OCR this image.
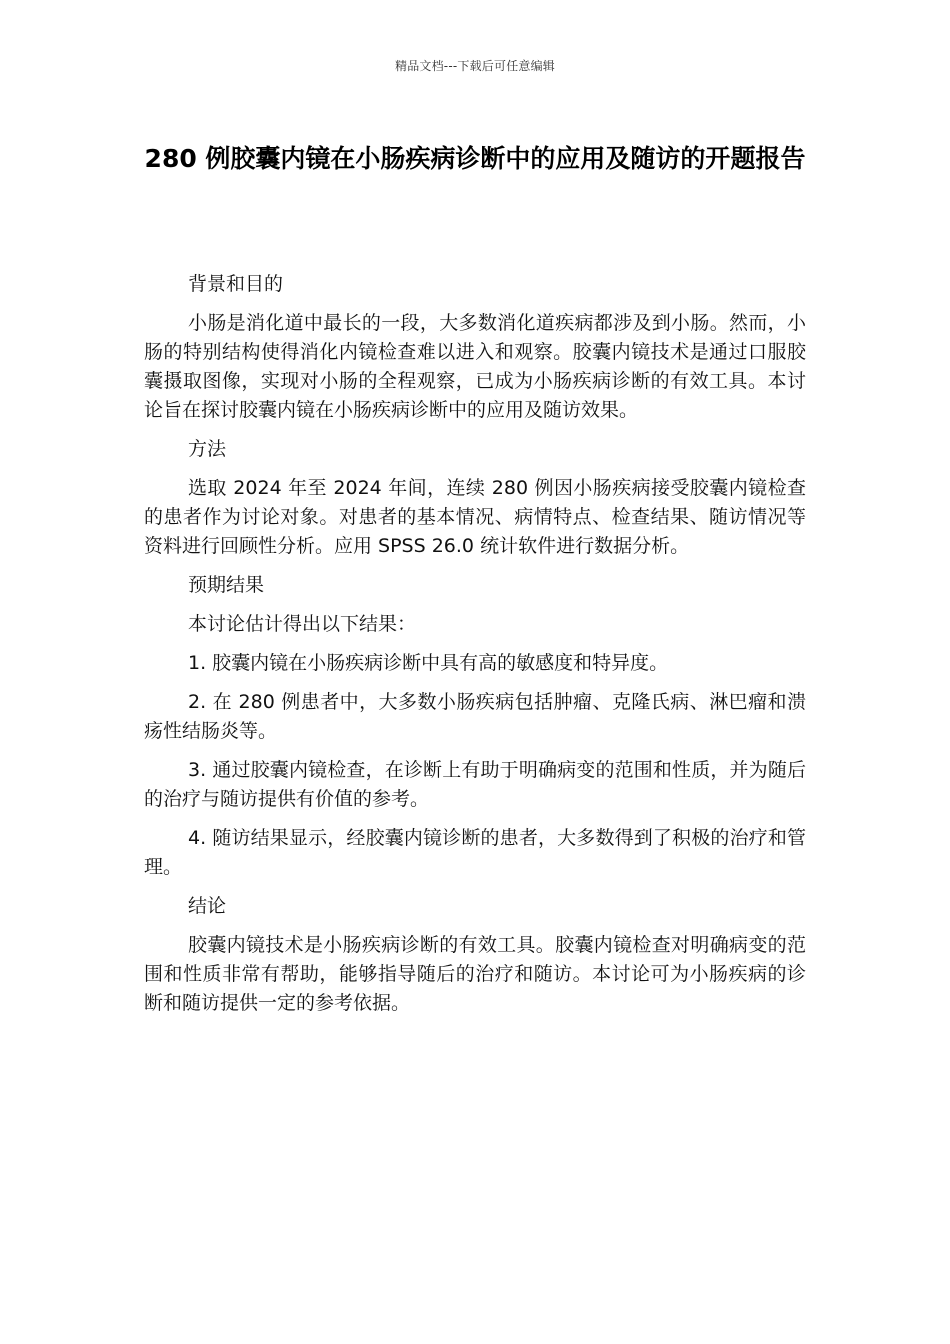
精品文档---下载后可任意编辑
280 例胶囊内镜在小肠疾病诊断中的应用及随访的开题报告

背景和目的

小肠是消化道中最长的一段，大多数消化道疾病都涉及到小肠。然而，小肠的特别结构使得消化内镜检查难以进入和观察。胶囊内镜技术是通过口服胶囊摄取图像，实现对小肠的全程观察，已成为小肠疾病诊断的有效工具。本讨论旨在探讨胶囊内镜在小肠疾病诊断中的应用及随访效果。

方法

选取 2024 年至 2024 年间，连续 280 例因小肠疾病接受胶囊内镜检查的患者作为讨论对象。对患者的基本情况、病情特点、检查结果、随访情况等资料进行回顾性分析。应用 SPSS 26.0 统计软件进行数据分析。

预期结果

本讨论估计得出以下结果：

1. 胶囊内镜在小肠疾病诊断中具有高的敏感度和特异度。

2. 在 280 例患者中，大多数小肠疾病包括肿瘤、克隆氏病、淋巴瘤和溃疡性结肠炎等。

3. 通过胶囊内镜检查，在诊断上有助于明确病变的范围和性质，并为随后的治疗与随访提供有价值的参考。

4. 随访结果显示，经胶囊内镜诊断的患者，大多数得到了积极的治疗和管理。

结论

胶囊内镜技术是小肠疾病诊断的有效工具。胶囊内镜检查对明确病变的范围和性质非常有帮助，能够指导随后的治疗和随访。本讨论可为小肠疾病的诊断和随访提供一定的参考依据。
